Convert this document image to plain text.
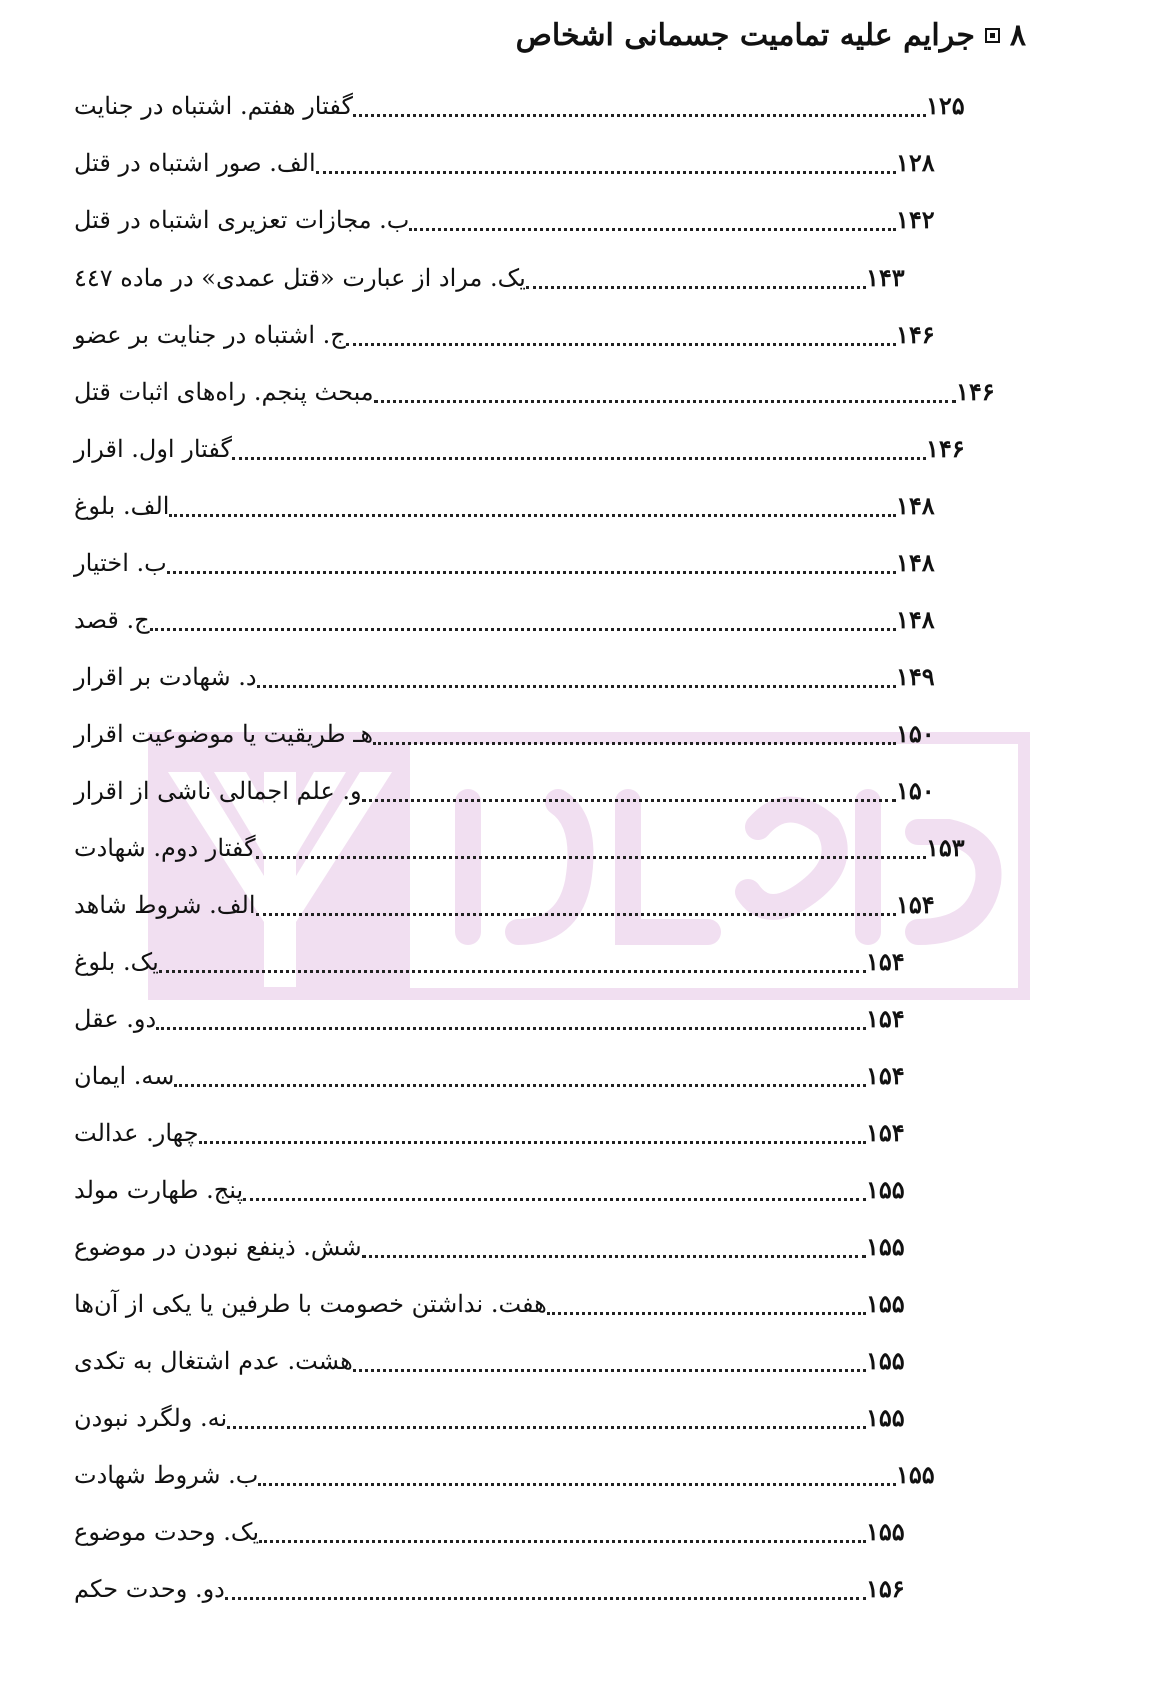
۸
جرایم علیه تمامیت جسمانی اشخاص
گفتار هفتم. اشتباه در جنایت	۱۲۵
الف. صور اشتباه در قتل	۱۲۸
ب. مجازات تعزیری اشتباه در قتل	۱۴۲
یک. مراد از عبارت «قتل عمدی» در ماده ٤٤٧	۱۴۳
ج. اشتباه در جنایت بر عضو	۱۴۶
مبحث پنجم. راه‌های اثبات قتل	۱۴۶
گفتار اول. اقرار	۱۴۶
الف. بلوغ	۱۴۸
ب. اختیار	۱۴۸
ج. قصد	۱۴۸
د. شهادت بر اقرار	۱۴۹
هـ طریقیت یا موضوعیت اقرار	۱۵۰
و. علم اجمالی ناشی از اقرار	۱۵۰
گفتار دوم. شهادت	۱۵۳
الف. شروط شاهد	۱۵۴
یک. بلوغ	۱۵۴
دو. عقل	۱۵۴
سه. ایمان	۱۵۴
چهار. عدالت	۱۵۴
پنج. طهارت مولد	۱۵۵
شش. ذینفع نبودن در موضوع	۱۵۵
هفت. نداشتن خصومت با طرفین یا یکی از آن‌ها	۱۵۵
هشت. عدم اشتغال به تکدی	۱۵۵
نه. ولگرد نبودن	۱۵۵
ب. شروط شهادت	۱۵۵
یک. وحدت موضوع	۱۵۵
دو. وحدت حکم	۱۵۶
